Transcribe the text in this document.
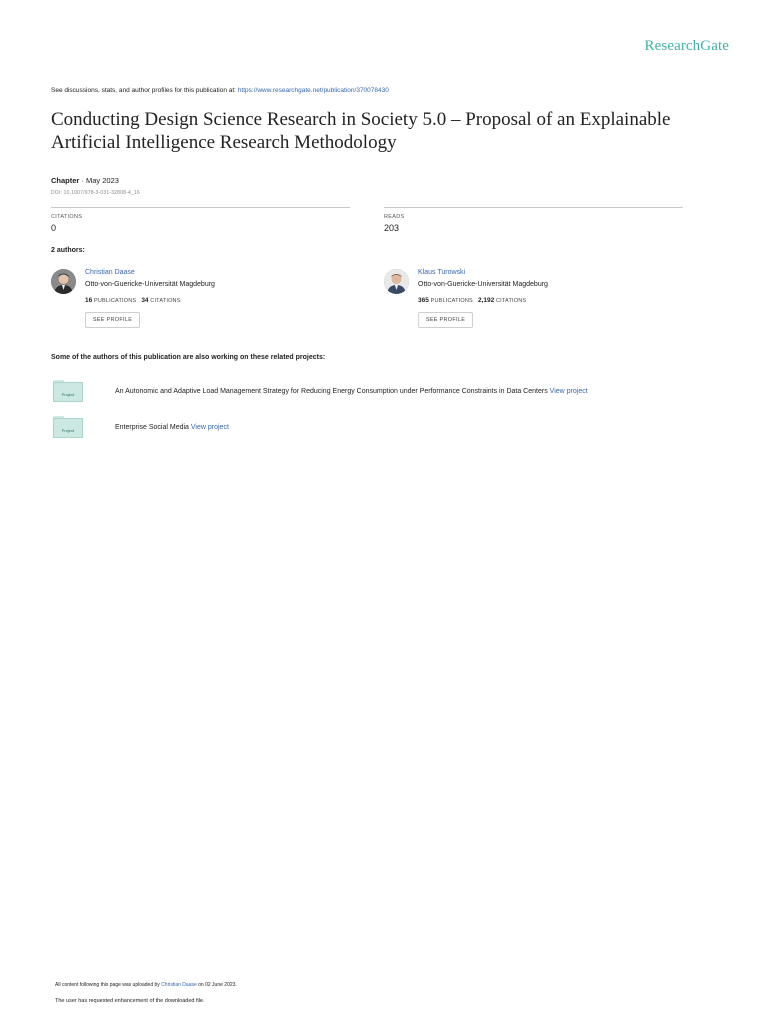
ResearchGate
See discussions, stats, and author profiles for this publication at: https://www.researchgate.net/publication/370078430
Conducting Design Science Research in Society 5.0 – Proposal of an Explainable Artificial Intelligence Research Methodology
Chapter · May 2023
DOI: 10.1007/978-3-031-32808-4_16
CITATIONS
0
READS
203
2 authors:
Christian Daase
Otto-von-Guericke-Universität Magdeburg
16 PUBLICATIONS 34 CITATIONS
SEE PROFILE
Klaus Turowski
Otto-von-Guericke-Universität Magdeburg
365 PUBLICATIONS 2,192 CITATIONS
SEE PROFILE
Some of the authors of this publication are also working on these related projects:
Project	An Autonomic and Adaptive Load Management Strategy for Reducing Energy Consumption under Performance Constraints in Data Centers View project
Project	Enterprise Social Media View project
All content following this page was uploaded by Christian Daase on 02 June 2023.
The user has requested enhancement of the downloaded file.
